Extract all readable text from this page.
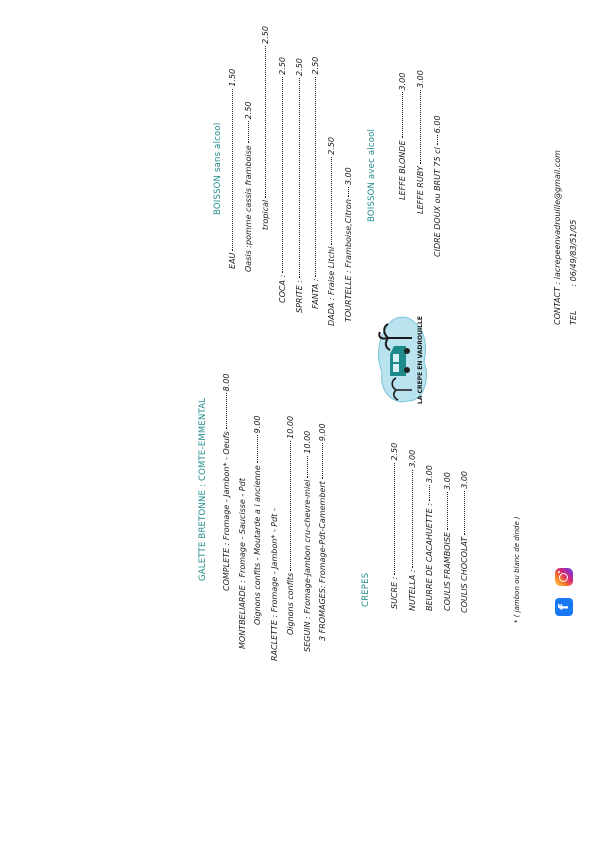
GALETTE BRETONNE : COMTE-EMMENTAL COMPLETE : Fromage - Jambon* - Oeufs8.00
MONTBELIARDE : Fromage - Saucisse - Pdt Oignons confits - Moutarde a l ancienne9.00
RACLETTE : Fromage - Jambon* - Pdt - Oignons confits10.00
SEGUIN : Fromage-Jambon cru-chevre-miel10.00
3 FROMAGES: Fromage-Pdt-Camembert9.00
CREPES SUCRE :2.50
NUTELLA :3.00
BEURRE DE CACAHUETTE :3.00
COULIS FRAMBOISE3.00
COULIS CHOCOLAT3.00
* ( jambon ou blanc de dinde )	f
LA CREPE EN VADROUILLE
BOISSON sans alcool
EAU1.50
Oasis :pomme cassis framboise2.50
tropical2.50
COCA :2.50
SPRITE :2.50
FANTA :2.50
DADA : Fraise Litchi2.50
TOURTELLE : Framboise,Citron3.00 BOISSON avec alcool	LEFFE BLONDE3.00
LEFFE RUBY3.00
CIDRE DOUX ou BRUT 75 cl6.00
CONTACT : lacrepeenvadrouille@gmail.com
TEL: 06/49/83/51/05
